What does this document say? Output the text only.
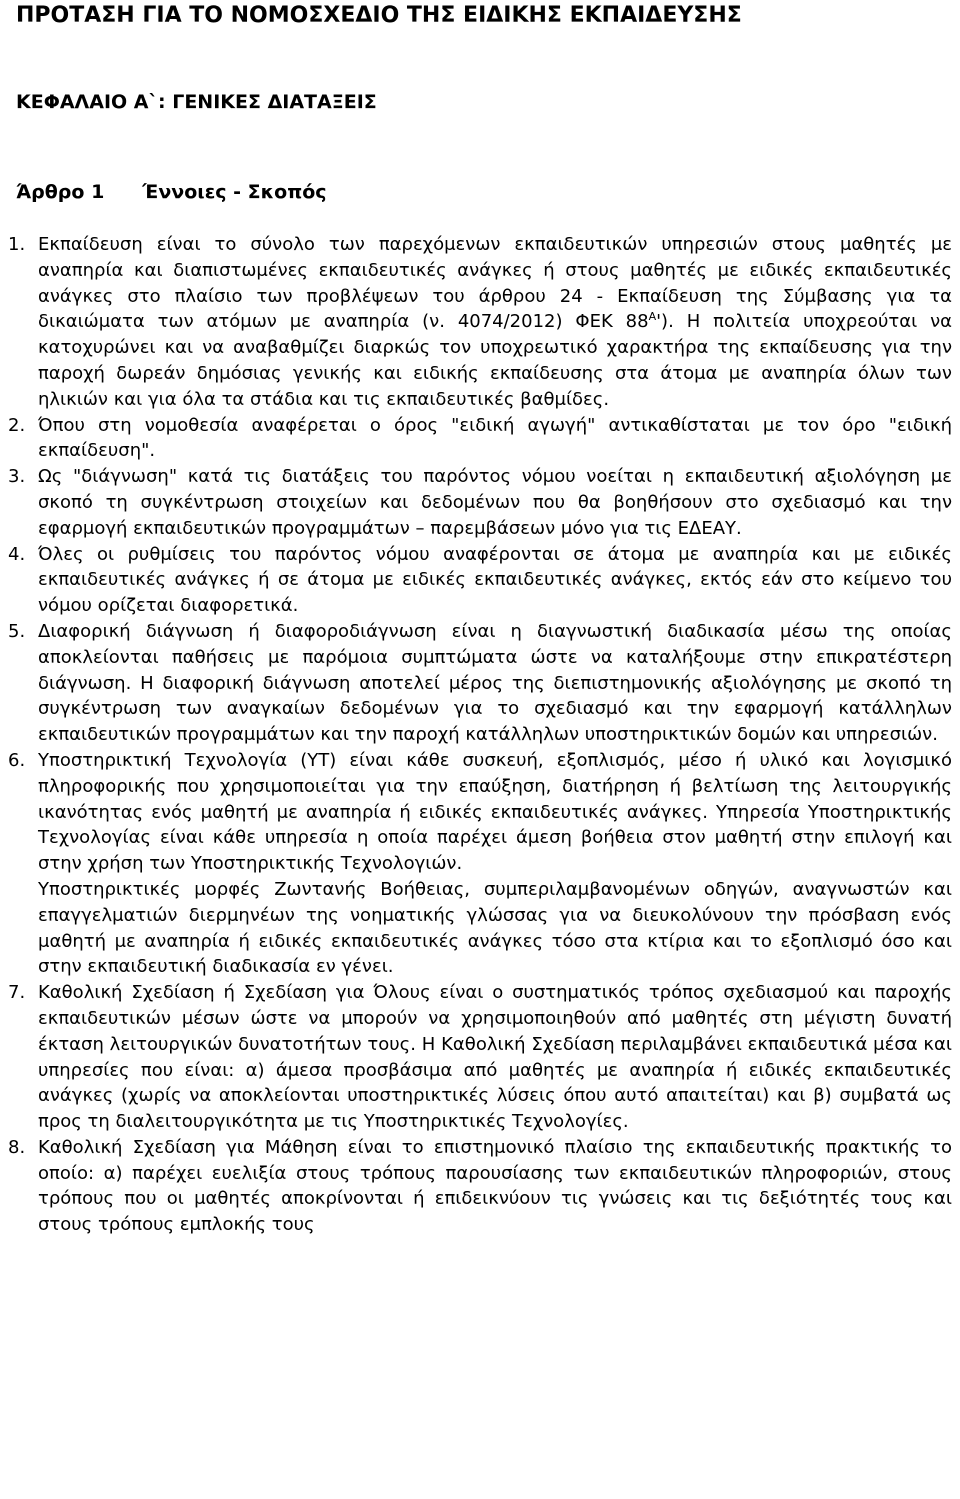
ΠΡΟΤΑΣΗ ΓΙΑ ΤΟ ΝΟΜΟΣΧΕΔΙΟ ΤΗΣ ΕΙΔΙΚΗΣ ΕΚΠΑΙΔΕΥΣΗΣ
ΚΕΦΑΛΑΙΟ Α`: ΓΕΝΙΚΕΣ ΔΙΑΤΑΞΕΙΣ
Άρθρο 1 Έννοιες - Σκοπός
1. Εκπαίδευση είναι το σύνολο των παρεχόμενων εκπαιδευτικών υπηρεσιών στους μαθητές με αναπηρία και διαπιστωμένες εκπαιδευτικές ανάγκες ή στους μαθητές με ειδικές εκπαιδευτικές ανάγκες στο πλαίσιο των προβλέψεων του άρθρου 24 - Εκπαίδευση της Σύμβασης για τα δικαιώματα των ατόμων με αναπηρία (ν. 4074/2012) ΦΕΚ $88^A'$). Η πολιτεία υποχρεούται να κατοχυρώνει και να αναβαθμίζει διαρκώς τον υποχρεωτικό χαρακτήρα της εκπαίδευσης για την παροχή δωρεάν δημόσιας γενικής και ειδικής εκπαίδευσης στα άτομα με αναπηρία όλων των ηλικιών και για όλα τα στάδια και τις εκπαιδευτικές βαθμίδες.

2. Όπου στη νομοθεσία αναφέρεται ο όρος "ειδική αγωγή" αντικαθίσταται με τον όρο "ειδική εκπαίδευση".

3. Ως "διάγνωση" κατά τις διατάξεις του παρόντος νόμου νοείται η εκπαιδευτική αξιολόγηση με σκοπό τη συγκέντρωση στοιχείων και δεδομένων που θα βοηθήσουν στο σχεδιασμό και την εφαρμογή εκπαιδευτικών προγραμμάτων – παρεμβάσεων μόνο για τις ΕΔΕΑΥ.

4. Όλες οι ρυθμίσεις του παρόντος νόμου αναφέρονται σε άτομα με αναπηρία και με ειδικές εκπαιδευτικές ανάγκες ή σε άτομα με ειδικές εκπαιδευτικές ανάγκες, εκτός εάν στο κείμενο του νόμου ορίζεται διαφορετικά.

5. Διαφορική διάγνωση ή διαφοροδιάγνωση είναι η διαγνωστική διαδικασία μέσω της οποίας αποκλείονται παθήσεις με παρόμοια συμπτώματα ώστε να καταλήξουμε στην επικρατέστερη διάγνωση. Η διαφορική διάγνωση αποτελεί μέρος της διεπιστημονικής αξιολόγησης με σκοπό τη συγκέντρωση των αναγκαίων δεδομένων για το σχεδιασμό και την εφαρμογή κατάλληλων εκπαιδευτικών προγραμμάτων και την παροχή κατάλληλων υποστηρικτικών δομών και υπηρεσιών.

6. Υποστηρικτική Τεχνολογία (ΥΤ) είναι κάθε συσκευή, εξοπλισμός, μέσο ή υλικό και λογισμικό πληροφορικής που χρησιμοποιείται για την επαύξηση, διατήρηση ή βελτίωση της λειτουργικής ικανότητας ενός μαθητή με αναπηρία ή ειδικές εκπαιδευτικές ανάγκες. Υπηρεσία Υποστηρικτικής Τεχνολογίας είναι κάθε υπηρεσία η οποία παρέχει άμεση βοήθεια στον μαθητή στην επιλογή και στην χρήση των Υποστηρικτικής Τεχνολογιών.

Υποστηρικτικές μορφές Ζωντανής Βοήθειας, συμπεριλαμβανομένων οδηγών, αναγνωστών και επαγγελματιών διερμηνέων της νοηματικής γλώσσας για να διευκολύνουν την πρόσβαση ενός μαθητή με αναπηρία ή ειδικές εκπαιδευτικές ανάγκες τόσο στα κτίρια και το εξοπλισμό όσο και στην εκπαιδευτική διαδικασία εν γένει.

7. Καθολική Σχεδίαση ή Σχεδίαση για Όλους είναι ο συστηματικός τρόπος σχεδιασμού και παροχής εκπαιδευτικών μέσων ώστε να μπορούν να χρησιμοποιηθούν από μαθητές στη μέγιστη δυνατή έκταση λειτουργικών δυνατοτήτων τους. Η Καθολική Σχεδίαση περιλαμβάνει εκπαιδευτικά μέσα και υπηρεσίες που είναι: α) άμεσα προσβάσιμα από μαθητές με αναπηρία ή ειδικές εκπαιδευτικές ανάγκες (χωρίς να αποκλείονται υποστηρικτικές λύσεις όπου αυτό απαιτείται) και β) συμβατά ως προς τη διαλειτουργικότητα με τις Υποστηρικτικές Τεχνολογίες.

8. Καθολική Σχεδίαση για Μάθηση είναι το επιστημονικό πλαίσιο της εκπαιδευτικής πρακτικής το οποίο: α) παρέχει ευελιξία στους τρόπους παρουσίασης των εκπαιδευτικών πληροφοριών, στους τρόπους που οι μαθητές αποκρίνονται ή επιδεικνύουν τις γνώσεις και τις δεξιότητές τους και στους τρόπους εμπλοκής τους
